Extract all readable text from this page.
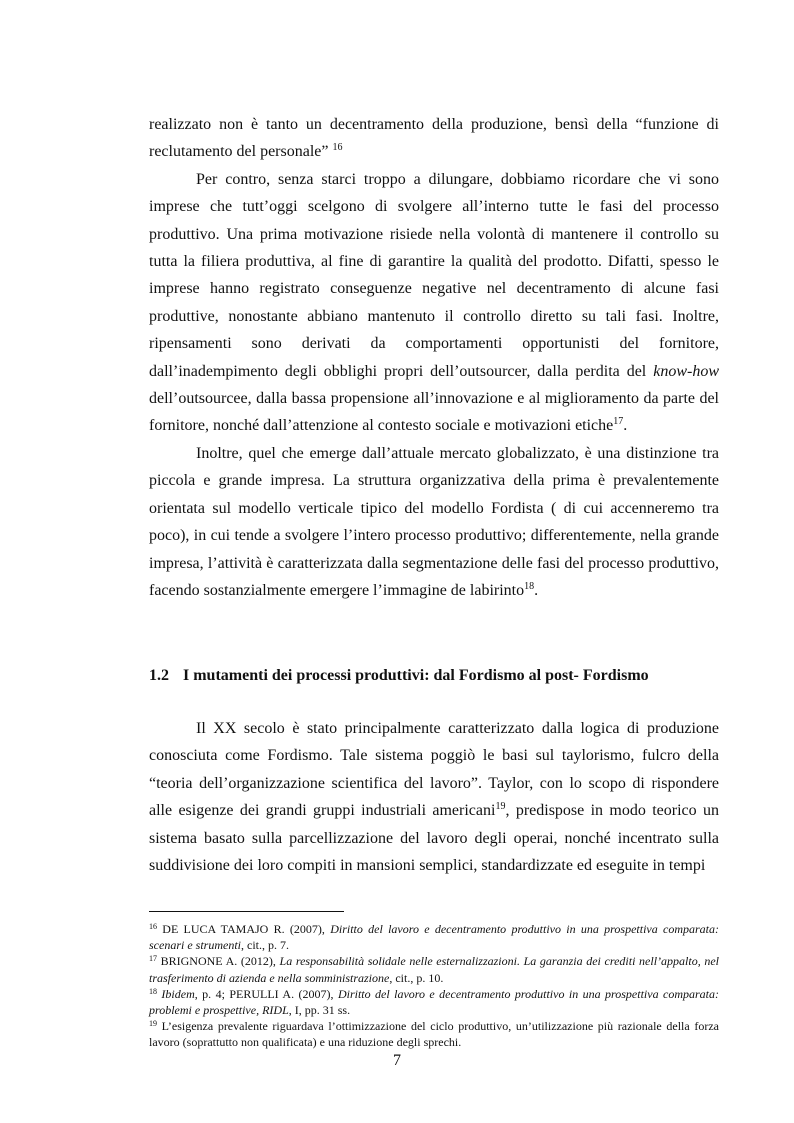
realizzato non è tanto un decentramento della produzione, bensì della “funzione di reclutamento del personale” $^{16}$

Per contro, senza starci troppo a dilungare, dobbiamo ricordare che vi sono imprese che tutt’oggi scelgono di svolgere all’interno tutte le fasi del processo produttivo. Una prima motivazione risiede nella volontà di mantenere il controllo su tutta la filiera produttiva, al fine di garantire la qualità del prodotto. Difatti, spesso le imprese hanno registrato conseguenze negative nel decentramento di alcune fasi produttive, nonostante abbiano mantenuto il controllo diretto su tali fasi. Inoltre, ripensamenti sono derivati da comportamenti opportunisti del fornitore, dall’inadempimento degli obblighi propri dell’outsourcer, dalla perdita del know-how dell’outsourcee, dalla bassa propensione all’innovazione e al miglioramento da parte del fornitore, nonché dall’attenzione al contesto sociale e motivazioni etiche$^{17}$.

Inoltre, quel che emerge dall’attuale mercato globalizzato, è una distinzione tra piccola e grande impresa. La struttura organizzativa della prima è prevalentemente orientata sul modello verticale tipico del modello Fordista ( di cui accenneremo tra poco), in cui tende a svolgere l’intero processo produttivo; differentemente, nella grande impresa, l’attività è caratterizzata dalla segmentazione delle fasi del processo produttivo, facendo sostanzialmente emergere l’immagine de labirinto$^{18}$.

1.2 I mutamenti dei processi produttivi: dal Fordismo al post- Fordismo

Il XX secolo è stato principalmente caratterizzato dalla logica di produzione conosciuta come Fordismo. Tale sistema poggiò le basi sul taylorismo, fulcro della “teoria dell’organizzazione scientifica del lavoro”. Taylor, con lo scopo di rispondere alle esigenze dei grandi gruppi industriali americani$^{19}$, predispose in modo teorico un sistema basato sulla parcellizzazione del lavoro degli operai, nonché incentrato sulla suddivisione dei loro compiti in mansioni semplici, standardizzate ed eseguite in tempi

$^{16}$ DE LUCA TAMAJO R. (2007), Diritto del lavoro e decentramento produttivo in una prospettiva comparata: scenari e strumenti, cit., p. 7.

$^{17}$ BRIGNONE A. (2012), La responsabilità solidale nelle esternalizzazioni. La garanzia dei crediti nell’appalto, nel trasferimento di azienda e nella somministrazione, cit., p. 10.

$^{18}$ Ibidem, p. 4; PERULLI A. (2007), Diritto del lavoro e decentramento produttivo in una prospettiva comparata: problemi e prospettive, RIDL, I, pp. 31 ss.

$^{19}$ L’esigenza prevalente riguardava l’ottimizzazione del ciclo produttivo, un’utilizzazione più razionale della forza lavoro (soprattutto non qualificata) e una riduzione degli sprechi.

7
